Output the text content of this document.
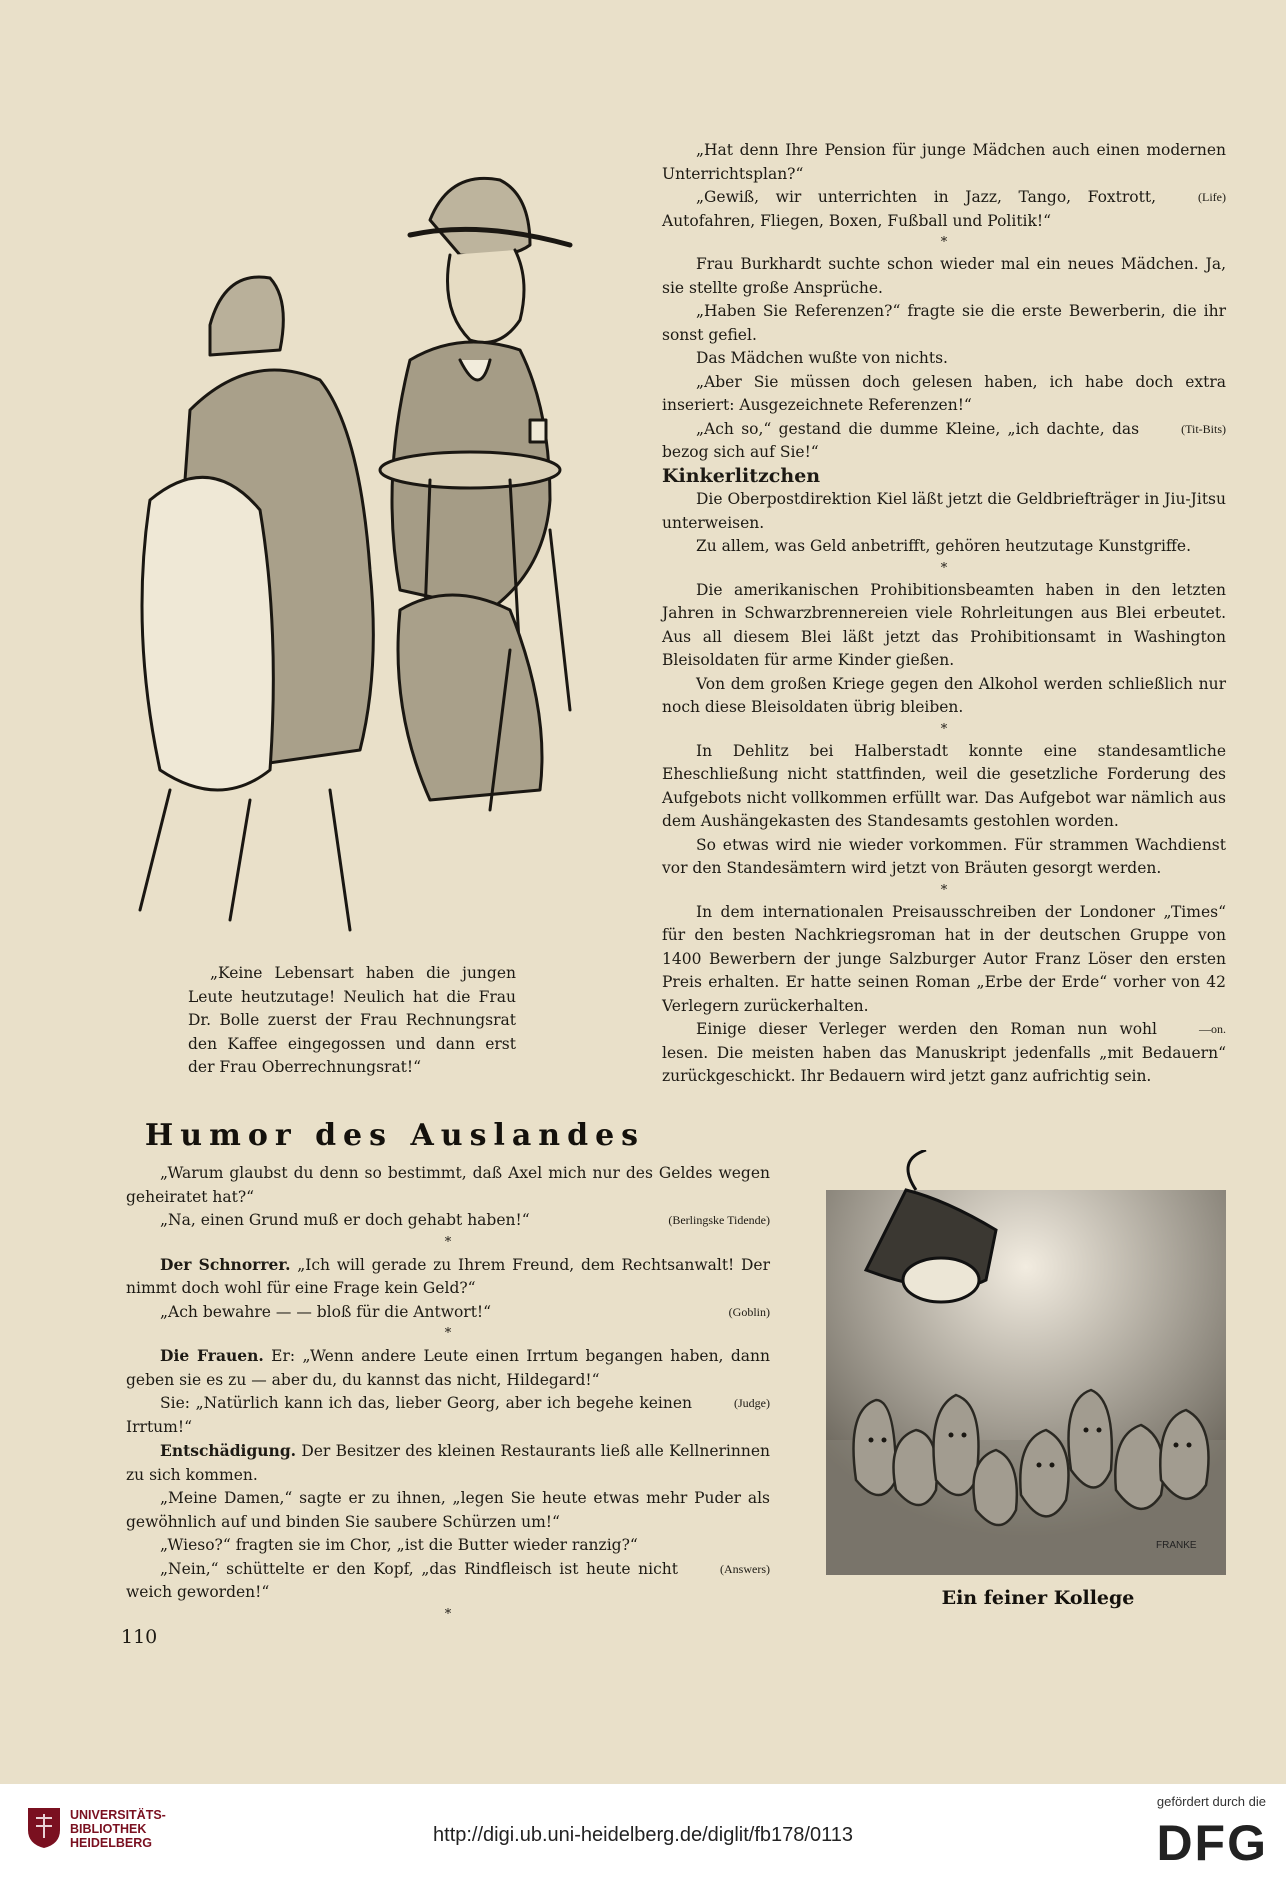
„Hat denn Ihre Pension für junge Mädchen auch einen modernen Unterrichtsplan?“

(Life)
„Gewiß, wir unterrichten in Jazz, Tango, Foxtrott, Autofahren, Fliegen, Boxen, Fußball und Politik!“

*

Frau Burkhardt suchte schon wieder mal ein neues Mädchen. Ja, sie stellte große Ansprüche.

„Haben Sie Referenzen?“ fragte sie die erste Bewerberin, die ihr sonst gefiel.

Das Mädchen wußte von nichts.

„Aber Sie müssen doch gelesen haben, ich habe doch extra inseriert: Ausgezeichnete Referenzen!“

(Tit-Bits)
„Ach so,“ gestand die dumme Kleine, „ich dachte, das bezog sich auf Sie!“

Kinkerlitzchen

Die Oberpostdirektion Kiel läßt jetzt die Geldbriefträger in Jiu-Jitsu unterweisen.

Zu allem, was Geld anbetrifft, gehören heutzutage Kunstgriffe.

*

Die amerikanischen Prohibitionsbeamten haben in den letzten Jahren in Schwarzbrennereien viele Rohrleitungen aus Blei erbeutet. Aus all diesem Blei läßt jetzt das Prohibitionsamt in Washington Bleisoldaten für arme Kinder gießen.

Von dem großen Kriege gegen den Alkohol werden schließlich nur noch diese Bleisoldaten übrig bleiben.

*

In Dehlitz bei Halberstadt konnte eine standesamtliche Eheschließung nicht stattfinden, weil die gesetzliche Forderung des Aufgebots nicht vollkommen erfüllt war. Das Aufgebot war nämlich aus dem Aushängekasten des Standesamts gestohlen worden.

So etwas wird nie wieder vorkommen. Für strammen Wachdienst vor den Standesämtern wird jetzt von Bräuten gesorgt werden.

*

In dem internationalen Preisausschreiben der Londoner „Times“ für den besten Nachkriegsroman hat in der deutschen Gruppe von 1400 Bewerbern der junge Salzburger Autor Franz Löser den ersten Preis erhalten. Er hatte seinen Roman „Erbe der Erde“ vorher von 42 Verlegern zurückerhalten.

—on.
Einige dieser Verleger werden den Roman nun wohl lesen. Die meisten haben das Manuskript jedenfalls „mit Bedauern“ zurückgeschickt. Ihr Bedauern wird jetzt ganz aufrichtig sein.

„Keine Lebensart haben die jungen Leute heutzutage! Neulich hat die Frau Dr. Bolle zuerst der Frau Rechnungsrat den Kaffee eingegossen und dann erst der Frau Oberrechnungsrat!“

Humor des Auslandes

„Warum glaubst du denn so bestimmt, daß Axel mich nur des Geldes wegen geheiratet hat?“

(Berlingske Tidende)
„Na, einen Grund muß er doch gehabt haben!“

*

Der Schnorrer. „Ich will gerade zu Ihrem Freund, dem Rechtsanwalt! Der nimmt doch wohl für eine Frage kein Geld?“

(Goblin)
„Ach bewahre — — bloß für die Antwort!“

*

Die Frauen. Er: „Wenn andere Leute einen Irrtum begangen haben, dann geben sie es zu — aber du, du kannst das nicht, Hildegard!“

(Judge)
Sie: „Natürlich kann ich das, lieber Georg, aber ich begehe keinen Irrtum!“

Entschädigung. Der Besitzer des kleinen Restaurants ließ alle Kellnerinnen zu sich kommen.

„Meine Damen,“ sagte er zu ihnen, „legen Sie heute etwas mehr Puder als gewöhnlich auf und binden Sie saubere Schürzen um!“

„Wieso?“ fragten sie im Chor, „ist die Butter wieder ranzig?“

(Answers)
„Nein,“ schüttelte er den Kopf, „das Rindfleisch ist heute nicht weich geworden!“

*

FRANKE
Ein feiner Kollege
110
UNIVERSITÄTS-
BIBLIOTHEK
HEIDELBERG	http://digi.ub.uni-heidelberg.de/diglit/fb178/0113
gefördert durch die
DFG
